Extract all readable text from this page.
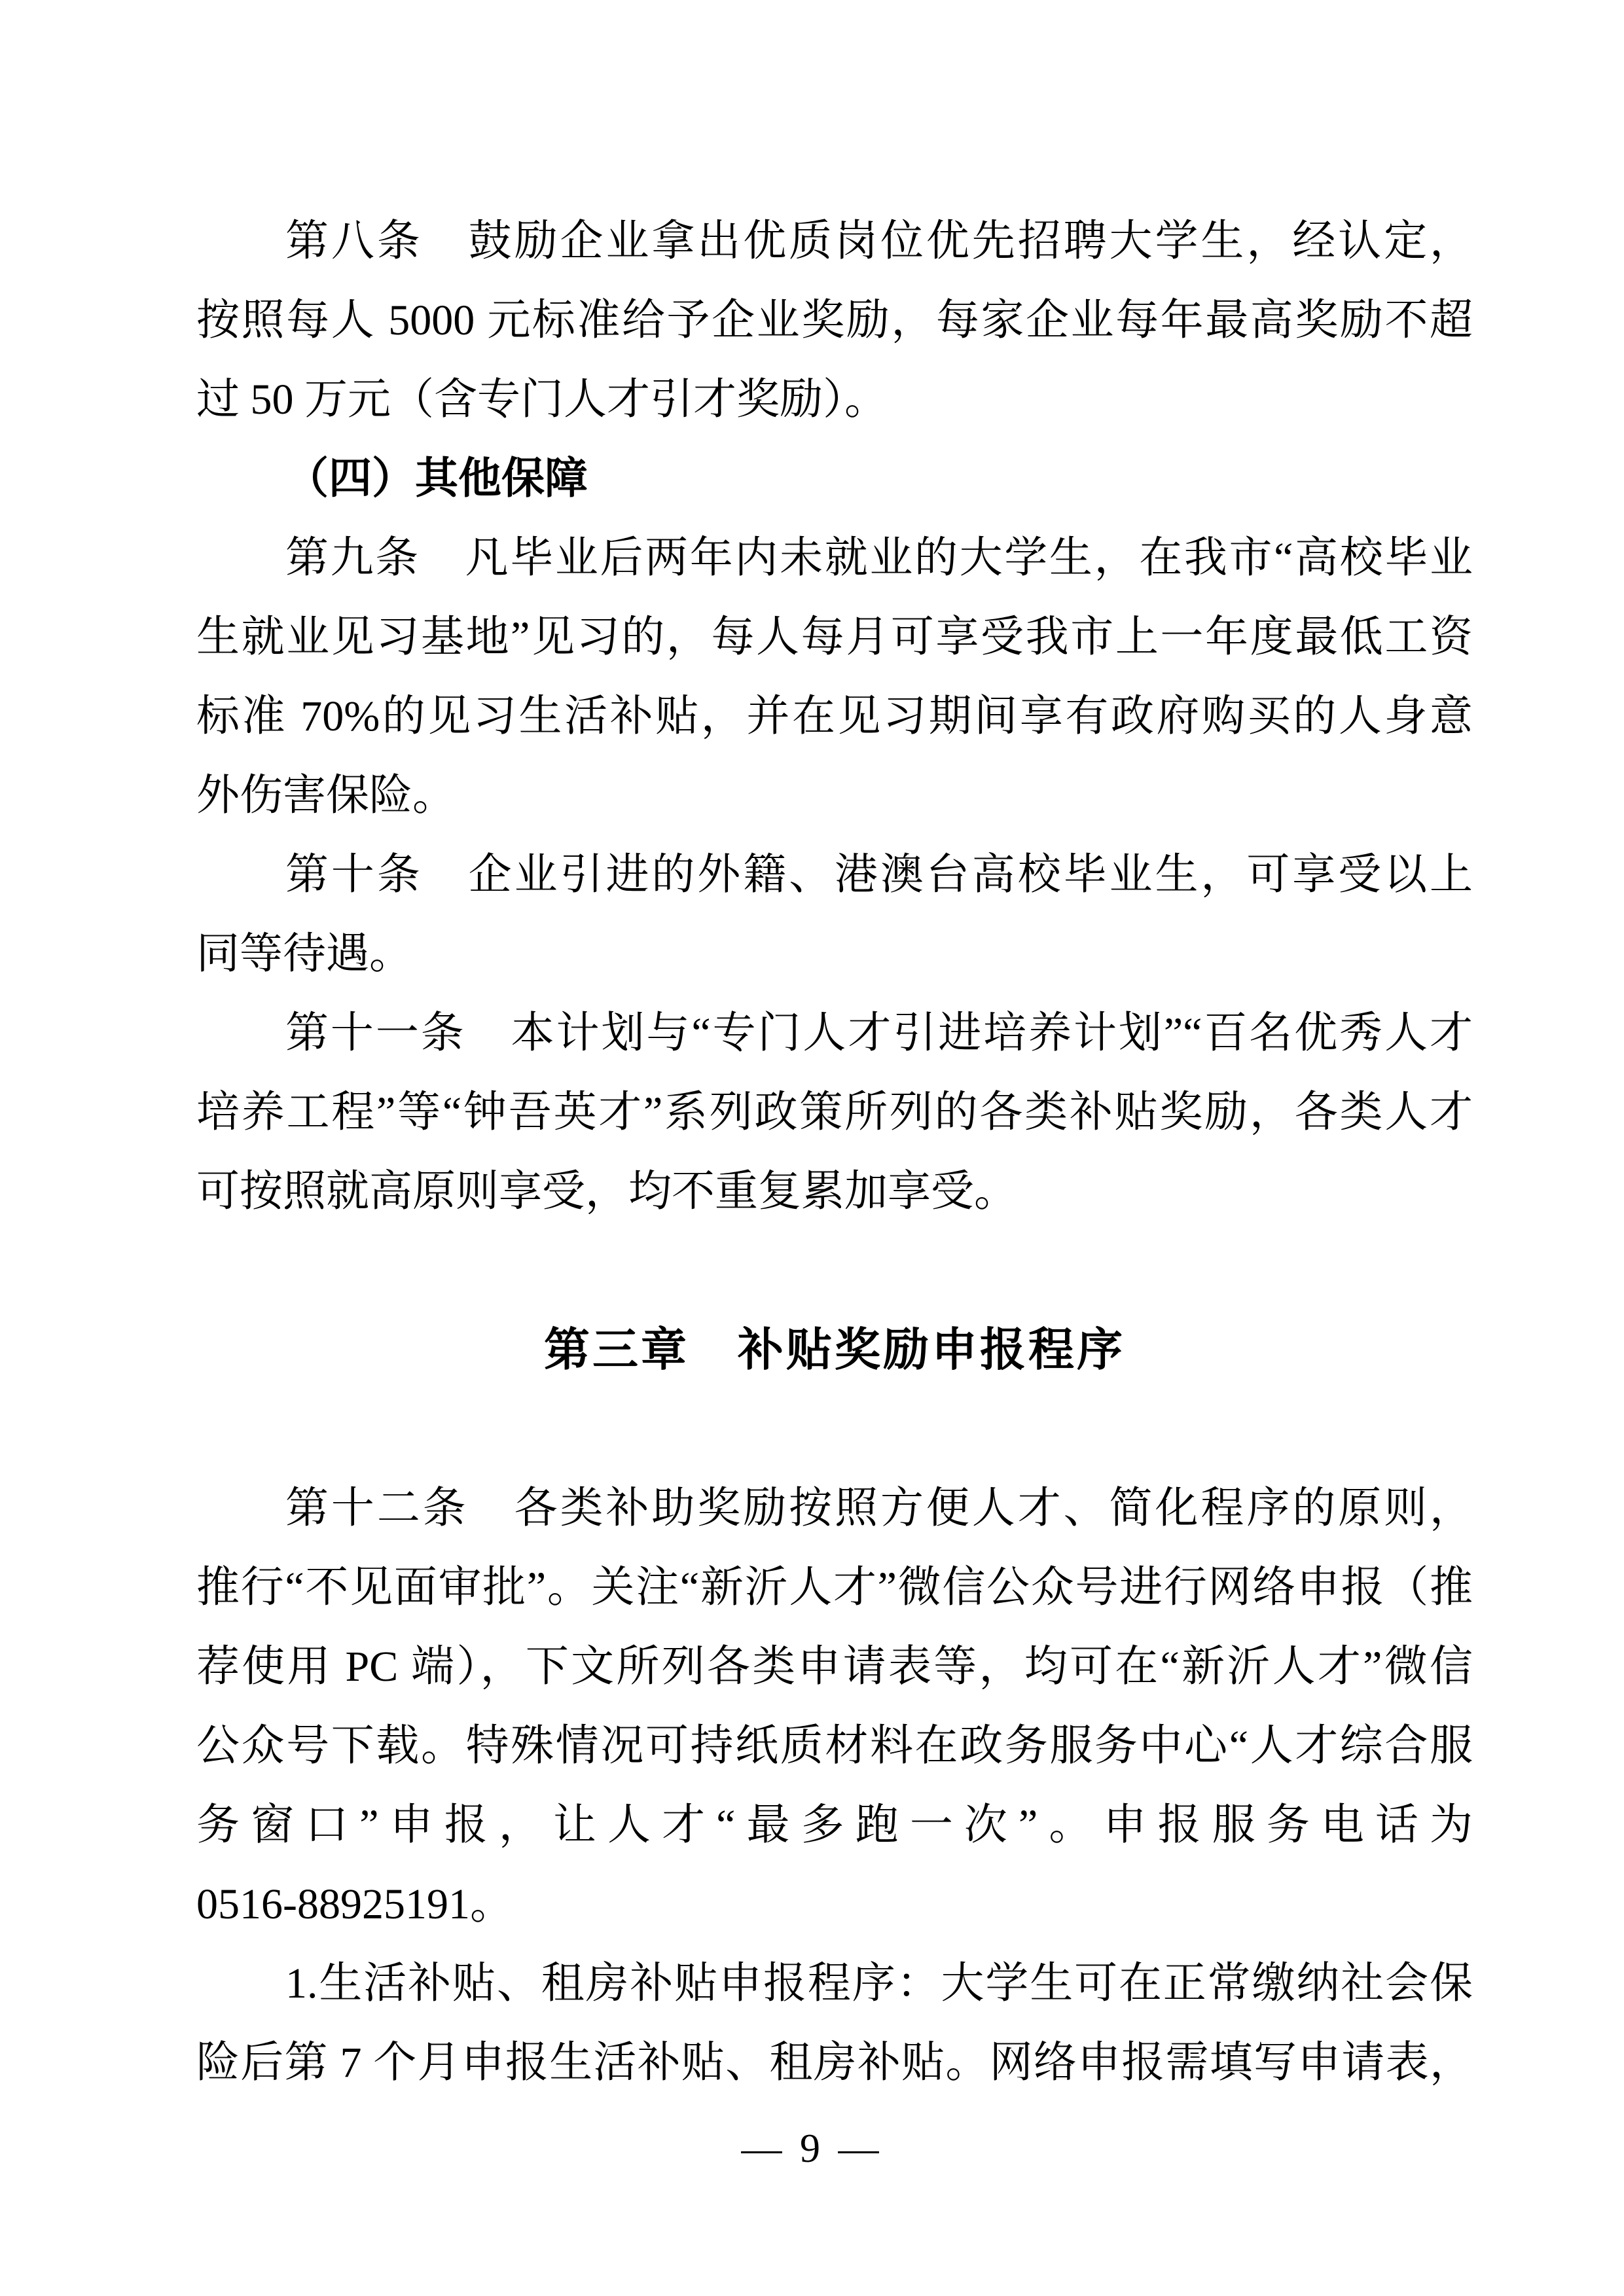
第八条　鼓励企业拿出优质岗位优先招聘大学生，经认定，
按照每人 5000 元标准给予企业奖励，每家企业每年最高奖励不超
过 50 万元（含专门人才引才奖励）。
（四）其他保障
第九条　凡毕业后两年内未就业的大学生，在我市“高校毕业
生就业见习基地”见习的，每人每月可享受我市上一年度最低工资
标准 70%的见习生活补贴，并在见习期间享有政府购买的人身意
外伤害保险。
第十条　企业引进的外籍、港澳台高校毕业生，可享受以上
同等待遇。
第十一条　本计划与“专门人才引进培养计划”“百名优秀人才
培养工程”等“钟吾英才”系列政策所列的各类补贴奖励，各类人才
可按照就高原则享受，均不重复累加享受。
第三章　补贴奖励申报程序
第十二条　各类补助奖励按照方便人才、简化程序的原则，
推行“不见面审批”。关注“新沂人才”微信公众号进行网络申报（推
荐使用 PC 端），下文所列各类申请表等，均可在“新沂人才”微信
公众号下载。特殊情况可持纸质材料在政务服务中心“人才综合服
务窗口”申报，让人才“最多跑一次”。申报服务电话为
0516-88925191。
1.生活补贴、租房补贴申报程序：大学生可在正常缴纳社会保
险后第 7 个月申报生活补贴、租房补贴。网络申报需填写申请表，
— 9 —
